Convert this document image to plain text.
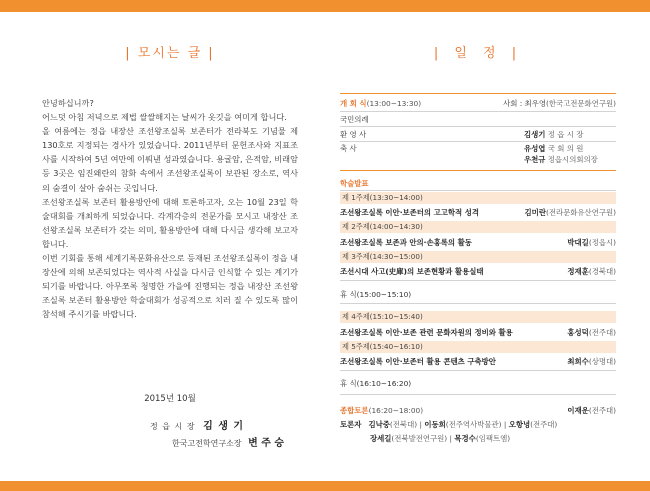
| 모시는 글 |

안녕하십니까?

어느덧 아침 저녁으로 제법 쌀쌀해지는 날씨가 옷깃을 여미게 합니다.

올 여름에는 정읍 내장산 조선왕조실록 보존터가 전라북도 기념물 제130호로 지정되는 경사가 있었습니다. 2011년부터 문헌조사와 지표조사를 시작하여 5년 여만에 이뤄낸 성과였습니다. 용굴암, 은적암, 비래암 등 3곳은 임진왜란의 참화 속에서 조선왕조실록이 보관된 장소로, 역사의 숨결이 살아 숨쉬는 곳입니다.

조선왕조실록 보존터 활용방안에 대해 토론하고자, 오는 10월 23일 학술대회를 개최하게 되었습니다. 각계각층의 전문가를 모시고 내장산 조선왕조실록 보존터가 갖는 의미, 활용방안에 대해 다시금 생각해 보고자 합니다.

이번 기회를 통해 세계기록문화유산으로 등재된 조선왕조실록이 정읍 내장산에 의해 보존되었다는 역사적 사실을 다시금 인식할 수 있는 계기가 되기를 바랍니다. 아무쪼록 청명한 가을에 진행되는 정읍 내장산 조선왕조실록 보존터 활용방안 학술대회가 성공적으로 치러 질 수 있도록 많이 참석해 주시기를 바랍니다.

2015년 10월
정 읍 시 장 김 생 기
한국고전학연구소장 변 주 승
| 일 정 |
개 회 식(13:00~13:30)	사회 : 최우영(한국고전문화연구원)
국민의례
환 영 사	김생기 정 읍 시 장
축 사	유성엽 국 회 의 원
우천규 정읍시의회의장
학술발표
제 1주제(13:30~14:00)
조선왕조실록 이안·보존터의 고고학적 성격	김미란(전라문화유산연구원)
제 2주제(14:00~14:30)
조선왕조실록 보존과 안의·손홍록의 활동	박대길(정읍시)
제 3주제(14:30~15:00)
조선시대 사고(史庫)의 보존현황과 활용실태	정재훈(경북대)
휴 식(15:00~15:10)
제 4주제(15:10~15:40)
조선왕조실록 이안·보존 관련 문화자원의 정비와 활용	홍성덕(전주대)
제 5주제(15:40~16:10)
조선왕조실록 이안·보존터 활용 콘텐츠 구축방안	최희수(상명대)
휴 식(16:10~16:20)
종합토론(16:20~18:00)	이재운(전주대)
토론자 김낙중(전북대) | 이동희(전주역사박물관) | 오항녕(전주대)
장세길(전북발전연구원) | 목경수(임팩트엠)
